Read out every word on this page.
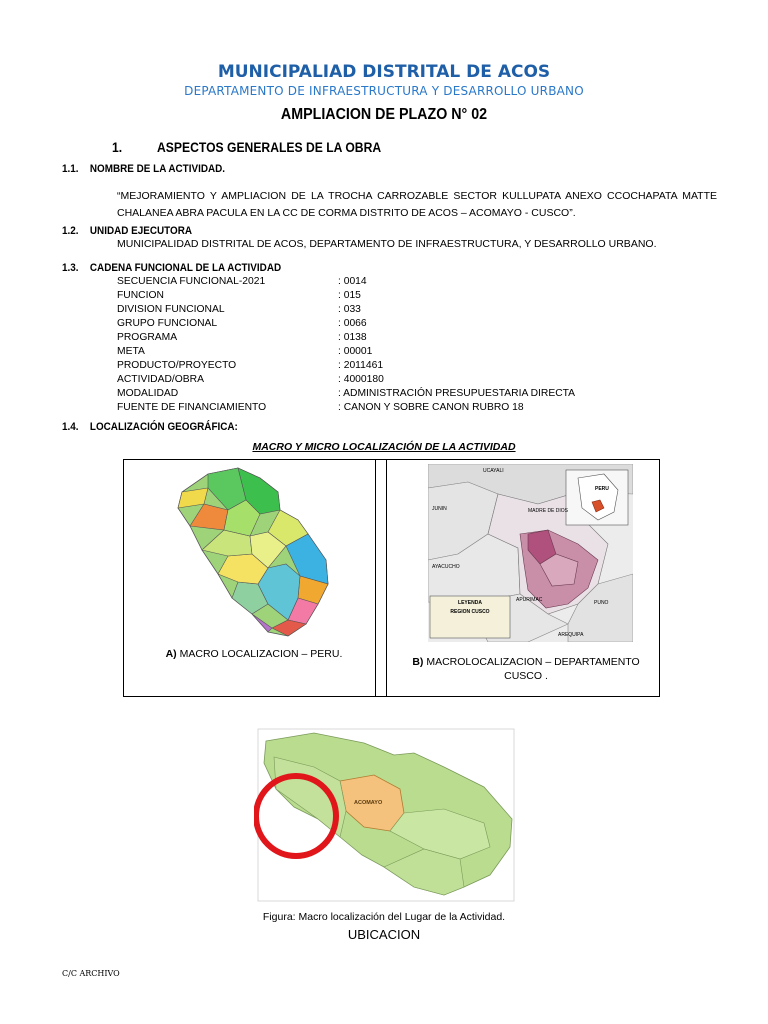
MUNICIPALIAD DISTRITAL DE ACOS
DEPARTAMENTO DE INFRAESTRUCTURA Y DESARROLLO URBANO
AMPLIACION DE PLAZO N° 02
1.	ASPECTOS GENERALES DE LA OBRA
1.1. NOMBRE DE LA ACTIVIDAD.
“MEJORAMIENTO Y AMPLIACION DE LA TROCHA CARROZABLE SECTOR KULLUPATA ANEXO CCOCHAPATA MATTE CHALANEA ABRA PACULA EN LA CC DE CORMA DISTRITO DE ACOS – ACOMAYO - CUSCO”.
1.2. UNIDAD EJECUTORA
MUNICIPALIDAD DISTRITAL DE ACOS, DEPARTAMENTO DE INFRAESTRUCTURA, Y DESARROLLO URBANO.
1.3. CADENA FUNCIONAL DE LA ACTIVIDAD
SECUENCIA FUNCIONAL-2021	: 0014
FUNCION	: 015
DIVISION FUNCIONAL	: 033
GRUPO FUNCIONAL	: 0066
PROGRAMA	: 0138
META	: 00001
PRODUCTO/PROYECTO	: 2011461
ACTIVIDAD/OBRA	: 4000180
MODALIDAD	: ADMINISTRACIÓN PRESUPUESTARIA DIRECTA
FUENTE DE FINANCIAMIENTO	: CANON Y SOBRE CANON RUBRO 18
1.4. LOCALIZACIÓN GEOGRÁFICA:
MACRO Y MICRO LOCALIZACIÓN DE LA ACTIVIDAD
LEYENDA
REGION CUSCO
PERU
UCAYALI
JUNIN
AYACUCHO
APURIMAC	PUNO
AREQUIPA
MADRE DE DIOS
A) MACRO LOCALIZACION – PERU.
B) MACROLOCALIZACION – DEPARTAMENTO
CUSCO .
ACOMAYO
Figura: Macro localización del Lugar de la Actividad.
UBICACION
C/C ARCHIVO
